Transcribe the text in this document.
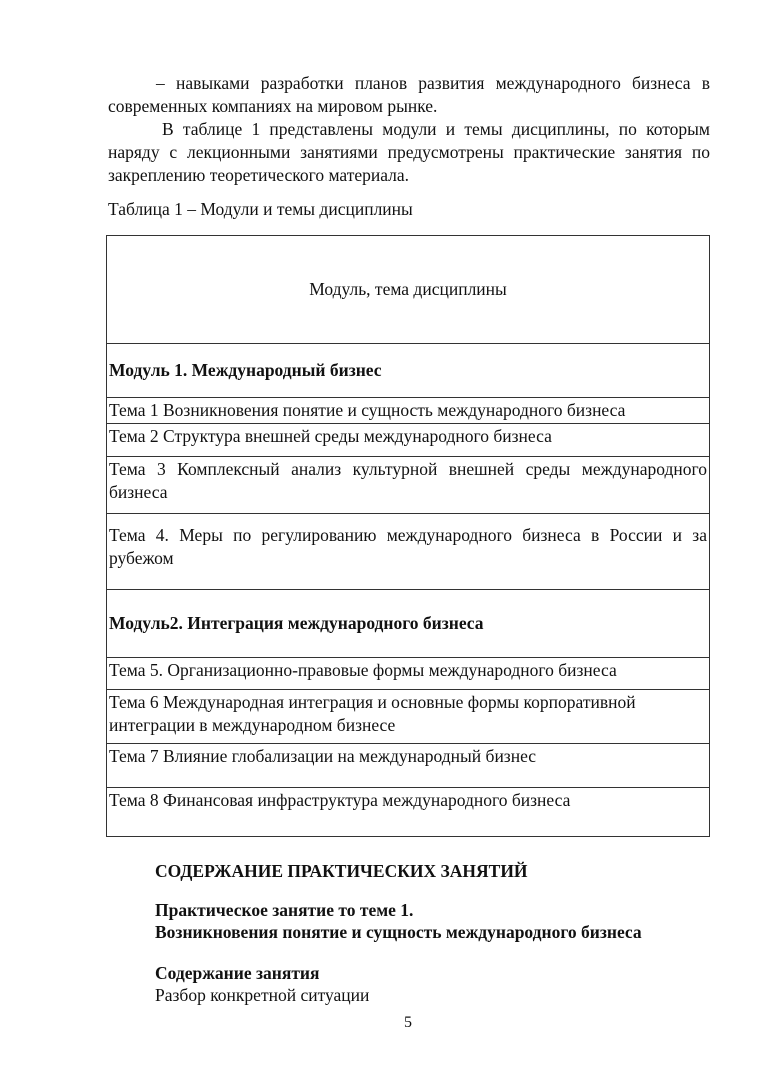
– навыками разработки планов развития международного бизнеса в современных компаниях на мировом рынке.

В таблице 1 представлены модули и темы дисциплины, по которым наряду с лекционными занятиями предусмотрены практические занятия по закреплению теоретического материала.

Таблица 1 – Модули и темы дисциплины
Модуль, тема дисциплины
Модуль 1. Международный бизнес
Тема 1 Возникновения понятие и сущность международного бизнеса
Тема 2 Структура внешней среды международного бизнеса
Тема 3 Комплексный анализ культурной внешней среды международного бизнеса
Тема 4. Меры по регулированию международного бизнеса в России и за рубежом
Модуль2. Интеграция международного бизнеса
Тема 5. Организационно-правовые формы международного бизнеса
Тема 6 Международная интеграция и основные формы корпоративной интеграции в международном бизнесе
Тема 7 Влияние глобализации на международный бизнес
Тема 8 Финансовая инфраструктура международного бизнеса
СОДЕРЖАНИЕ ПРАКТИЧЕСКИХ ЗАНЯТИЙ
Практическое занятие то теме 1.
Возникновения понятие и сущность международного бизнеса
Содержание занятия
Разбор конкретной ситуации
5
